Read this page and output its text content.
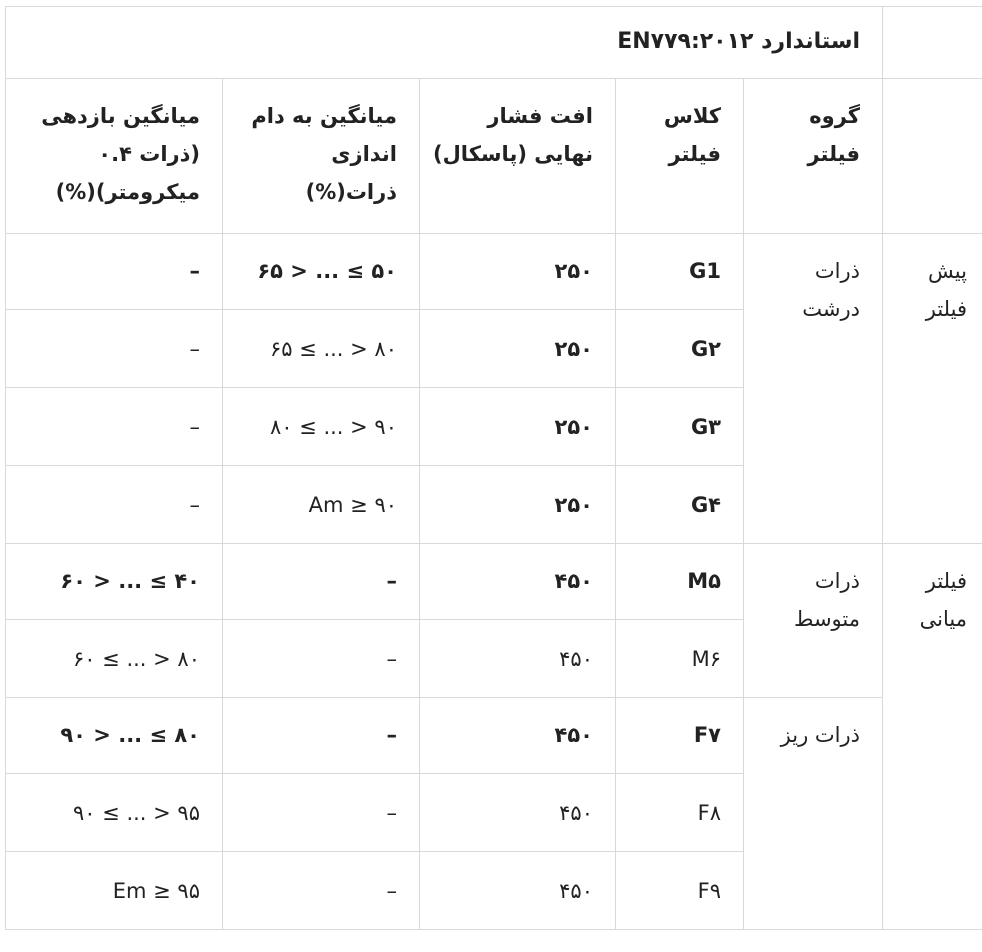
استاندارد EN۷۷۹:۲۰۱۲					
میانگین بازدهی (ذرات ۰.۴ میکرومتر)(%)	میانگین به دام اندازی ذرات(%)	افت فشار نهایی (پاسکال)	کلاس فیلتر	گروه فیلتر	
–	۶۵ > ... ≤ ۵۰	۲۵۰	G1	ذرات درشت	پیش فیلتر
–	۶۵ ≤ ... > ۸۰	۲۵۰	G۲		
–	۸۰ ≤ ... > ۹۰	۲۵۰	G۳		
–	Am ≥ ۹۰	۲۵۰	G۴		
۶۰ > ... ≤ ۴۰	–	۴۵۰	M۵	ذرات متوسط	فیلتر میانی
۶۰ ≤ ... > ۸۰	–	۴۵۰	M۶		
۹۰ > ... ≤ ۸۰	–	۴۵۰	F۷	ذرات ریز	
۹۰ ≤ ... > ۹۵	–	۴۵۰	F۸		
Em ≥ ۹۵	–	۴۵۰	F۹		
